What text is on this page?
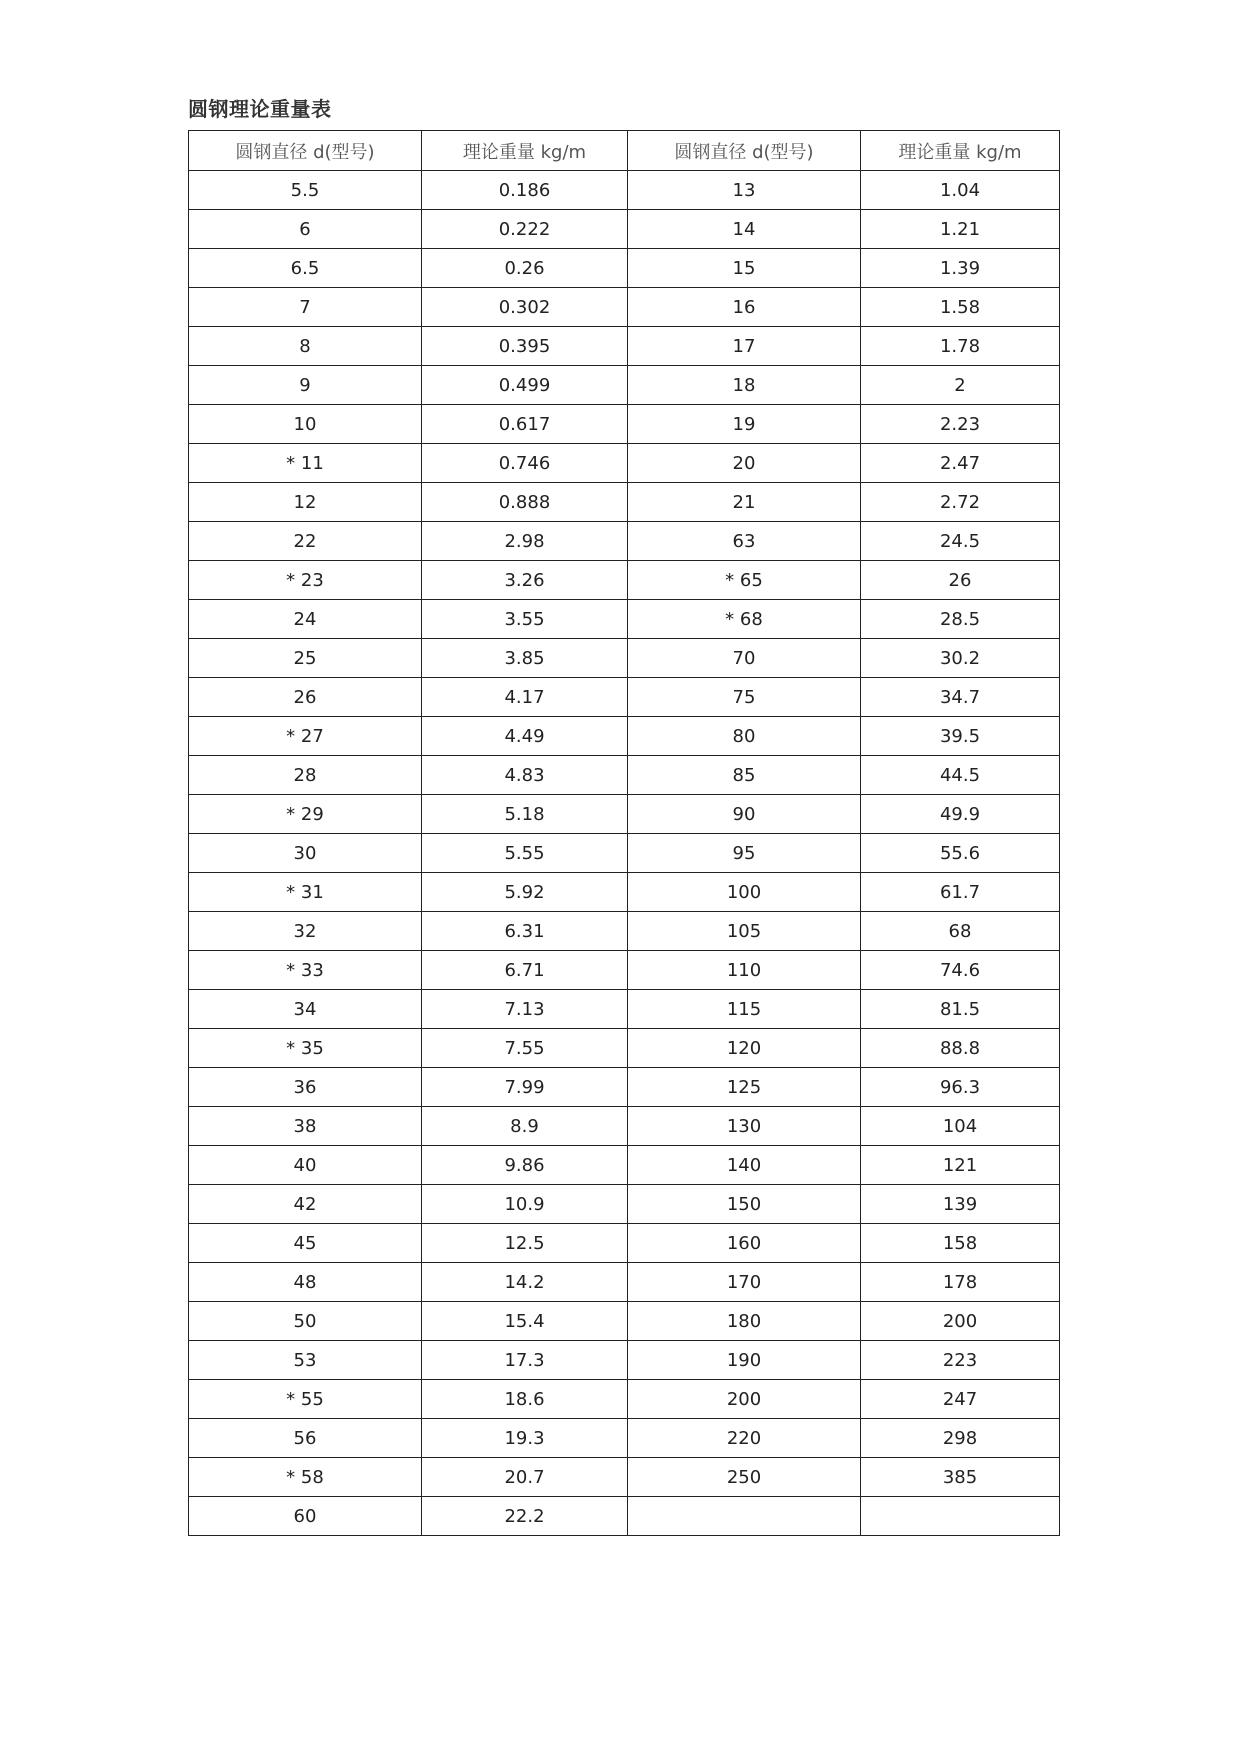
圆钢理论重量表
圆钢直径 d(型号)	理论重量 kg/m	圆钢直径 d(型号)	理论重量 kg/m
5.5	0.186	13	1.04
6	0.222	14	1.21
6.5	0.26	15	1.39
7	0.302	16	1.58
8	0.395	17	1.78
9	0.499	18	2
10	0.617	19	2.23
* 11	0.746	20	2.47
12	0.888	21	2.72
22	2.98	63	24.5
* 23	3.26	* 65	26
24	3.55	* 68	28.5
25	3.85	70	30.2
26	4.17	75	34.7
* 27	4.49	80	39.5
28	4.83	85	44.5
* 29	5.18	90	49.9
30	5.55	95	55.6
* 31	5.92	100	61.7
32	6.31	105	68
* 33	6.71	110	74.6
34	7.13	115	81.5
* 35	7.55	120	88.8
36	7.99	125	96.3
38	8.9	130	104
40	9.86	140	121
42	10.9	150	139
45	12.5	160	158
48	14.2	170	178
50	15.4	180	200
53	17.3	190	223
* 55	18.6	200	247
56	19.3	220	298
* 58	20.7	250	385
60	22.2		
